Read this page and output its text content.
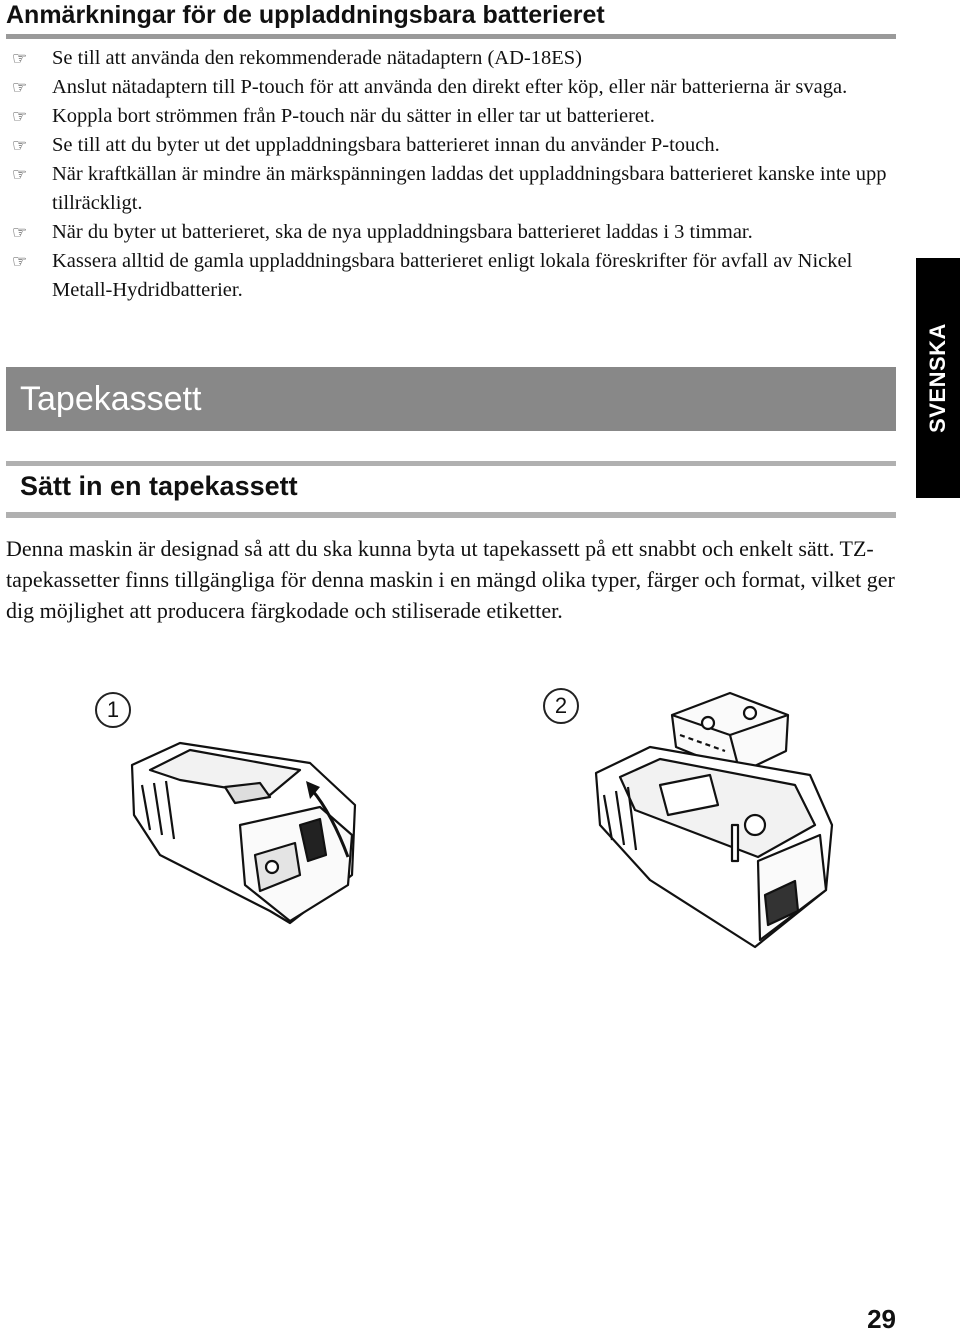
Anmärkningar för de uppladdningsbara batterieret
☞	Se till att använda den rekommenderade nätadaptern (AD-18ES)
☞	Anslut nätadaptern till P-touch för att använda den direkt efter köp, eller när batterierna är svaga.
☞	Koppla bort strömmen från P-touch när du sätter in eller tar ut batterieret.
☞	Se till att du byter ut det uppladdningsbara batterieret innan du använder P-touch.
☞	När kraftkällan är mindre än märkspänningen laddas det uppladdningsbara batterieret kanske inte upp tillräckligt.
☞	När du byter ut batterieret, ska de nya uppladdningsbara batterieret laddas i 3 timmar.
☞	Kassera alltid de gamla uppladdningsbara batterieret enligt lokala föreskrifter för avfall av Nickel Metall-Hydridbatterier.
Tapekassett
Sätt in en tapekassett

Denna maskin är designad så att du ska kunna byta ut tapekassett på ett snabbt och enkelt sätt. TZ-tapekassetter finns tillgängliga för denna maskin i en mängd olika typer, färger och format, vilket ger dig möjlighet att producera färgkodade och stiliserade etiketter.

SVENSKA
1	2
29
